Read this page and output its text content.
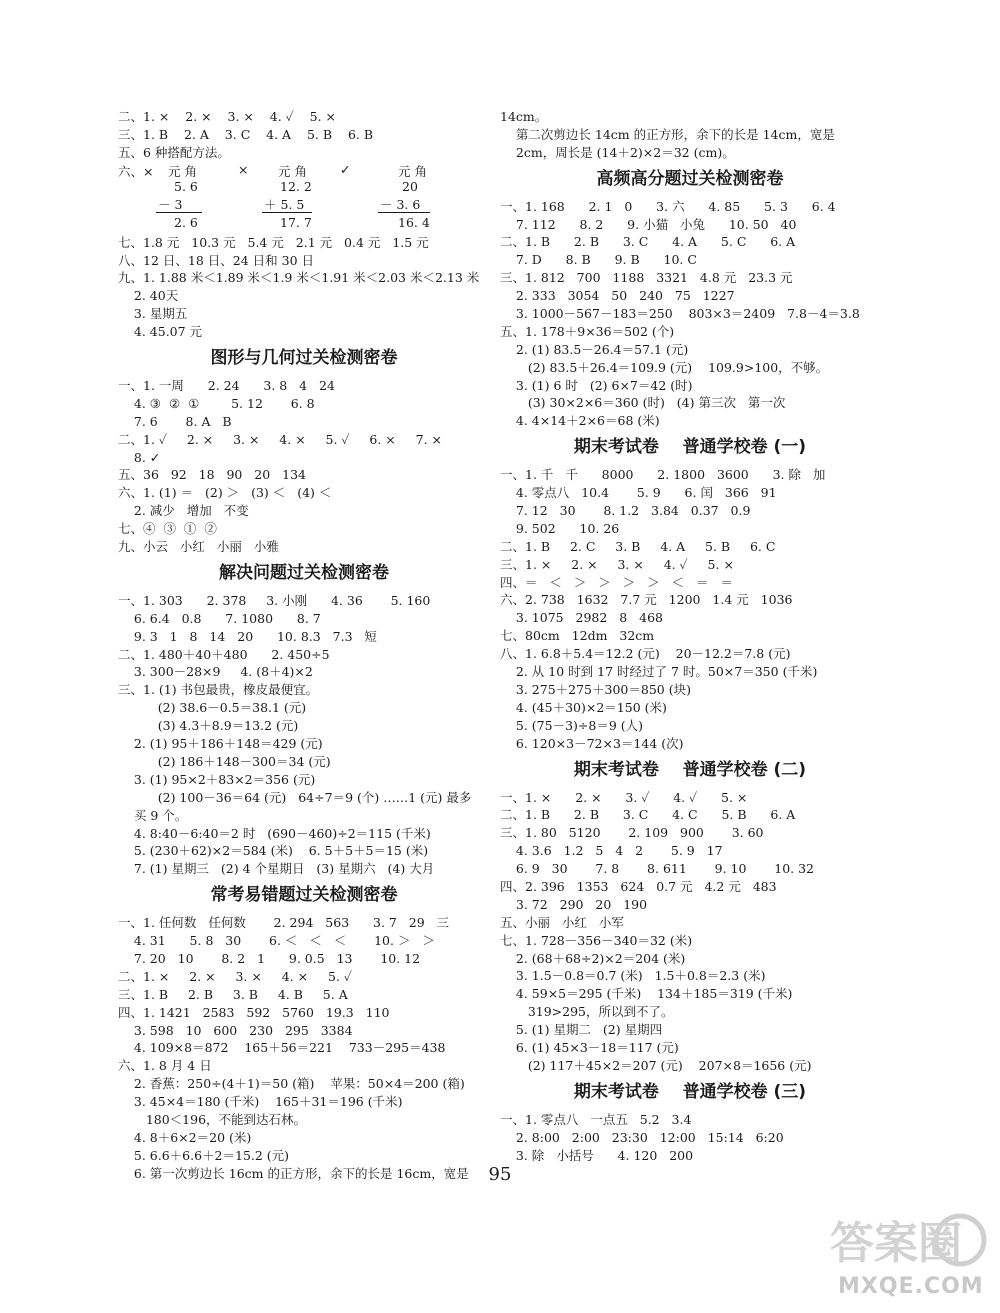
二、1. ×    2. ×    3. ×    4. ✓    5. ×
三、1. B    2. A    3. C    4. A    5. B    6. B
五、6 种搭配方法。
六、× 元 角
5. 6
－ 3
2. 6
× 元 角
12. 2
＋ 5. 5
17. 7
✓	元 角
20
－ 3. 6
16. 4
七、1.8 元   10.3 元   5.4 元   2.1 元   0.4 元   1.5 元
八、12 日、18 日、24 日和 30 日
九、1. 1.88 米＜1.89 米＜1.9 米＜1.91 米＜2.03 米＜2.13 米
2. 40天
3. 星期五
4. 45.07 元
图形与几何过关检测密卷
一、1. 一周      2. 24      3. 8   4   24
4. ③  ②  ①        5. 12       6. 8
7. 6       8. A   B
二、1. ✓     2. ×     3. ×     4. ×     5. ✓     6. ×     7. ×
8. ✓
五、36   92   18   90   20   134
六、1. (1) ＝   (2) ＞   (3) ＜   (4) ＜
2. 减少   增加   不变
七、④  ③  ①  ②
九、小云   小红   小丽   小雅
解决问题过关检测密卷
一、1. 303      2. 378     3. 小刚      4. 36       5. 160
6. 6.4   0.8      7. 1080      8. 7
9. 3   1   8   14   20      10. 8.3   7.3   短
二、1. 480＋40＋480      2. 450÷5
3. 300－28×9     4. (8＋4)×2
三、1. (1) 书包最贵，橡皮最便宜。
(2) 38.6－0.5＝38.1 (元)
(3) 4.3＋8.9＝13.2 (元)
2. (1) 95＋186＋148＝429 (元)
(2) 186＋148－300＝34 (元)
3. (1) 95×2＋83×2＝356 (元)
(2) 100－36＝64 (元)   64÷7＝9 (个) ……1 (元) 最多
买 9 个。
4. 8:40－6:40＝2 时   (690－460)÷2＝115 (千米)
5. (230＋62)×2＝584 (米)    6. 5＋5＋5＝15 (米)
7. (1) 星期三   (2) 4 个星期日   (3) 星期六   (4) 大月
常考易错题过关检测密卷
一、1. 任何数   任何数       2. 294   563      3. 7   29   三
4. 31      5. 8   30       6. ＜   ＜   ＜       10. ＞   ＞
7. 20   10       8. 2   1      9. 0.5   13       10. 12
二、1. ×     2. ×     3. ×     4. ×     5. ✓
三、1. B     2. B     3. B     4. B     5. A
四、1. 1421   2583   592   5760   19.3   110
3. 598   10   600   230   295   3384
4. 109×8＝872    165＋56＝221    733－295＝438
六、1. 8 月 4 日
2. 香蕉：250÷(4＋1)＝50 (箱)    苹果：50×4＝200 (箱)
3. 45×4＝180 (千米)    165＋31＝196 (千米)
180＜196，不能到达石林。
4. 8＋6×2＝20 (米)
5. 6.6＋6.6＋2＝15.2 (元)
6. 第一次剪边长 16cm 的正方形，余下的长是 16cm，宽是
14cm。
第二次剪边长 14cm 的正方形，余下的长是 14cm，宽是
2cm，周长是 (14＋2)×2＝32 (cm)。
高频高分题过关检测密卷
一、1. 168      2. 1   0      3. 六      4. 85      5. 3      6. 4
7. 112      8. 2      9. 小猫   小兔      10. 50   40
二、1. B      2. B      3. C      4. A      5. C      6. A
7. D      8. B      9. B      10. C
三、1. 812   700   1188   3321   4.8 元   23.3 元
2. 333   3054   50   240   75   1227
3. 1000－567－183＝250    803×3＝2409   7.8－4＝3.8
五、1. 178＋9×36＝502 (个)
2. (1) 83.5－26.4＝57.1 (元)
(2) 83.5＋26.4＝109.9 (元)    109.9>100，不够。
3. (1) 6 时   (2) 6×7＝42 (时)
(3) 30×2×6＝360 (时)   (4) 第三次   第一次
4. 4×14＋2×6＝68 (米)
期末考试卷    普通学校卷 (一)
一、1. 千   千      8000      2. 1800   3600      3. 除   加
4. 零点八   10.4       5. 9      6. 闰   366   91
7. 12   30       8. 1.2   3.84   0.37   0.9
9. 502      10. 26
二、1. B     2. C     3. B     4. A     5. B     6. C
三、1. ×     2. ×     3. ×     4. ✓     5. ×
四、＝   ＜   ＞   ＞   ＞   ＞   ＜   ＝   ＝
六、2. 738   1632   7.7 元   1200   1.4 元   1036
3. 1075   2982   8   468
七、80cm   12dm   32cm
八、1. 6.8＋5.4＝12.2 (元)    20－12.2＝7.8 (元)
2. 从 10 时到 17 时经过了 7 时。50×7＝350 (千米)
3. 275＋275＋300＝850 (块)
4. (45＋30)×2＝150 (米)
5. (75－3)÷8＝9 (人)
6. 120×3－72×3＝144 (次)
期末考试卷    普通学校卷 (二)
一、1. ×      2. ×      3. ✓      4. ✓      5. ×
二、1. B      2. B      3. C      4. C      5. B      6. A
三、1. 80   5120       2. 109   900       3. 60
4. 3.6   1.2   5   4   2       5. 9   17
6. 9   30       7. 8       8. 611       9. 10       10. 32
四、2. 396   1353   624   0.7 元   4.2 元   483
3. 72   290   20   190
五、小丽   小红   小军
七、1. 728－356－340＝32 (米)
2. (68＋68÷2)×2＝204 (米)
3. 1.5－0.8＝0.7 (米)   1.5＋0.8＝2.3 (米)
4. 59×5＝295 (千米)    134＋185＝319 (千米)
319>295，所以到不了。
5. (1) 星期二   (2) 星期四
6. (1) 45×3－18＝117 (元)
(2) 117＋45×2＝207 (元)    207×8＝1656 (元)
期末考试卷    普通学校卷 (三)
一、1. 零点八   一点五   5.2   3.4
2. 8:00   2:00   23:30   12:00   15:14   6:20
3. 除   小括号      4. 120   200
95
答案圈
MXQE.COM
